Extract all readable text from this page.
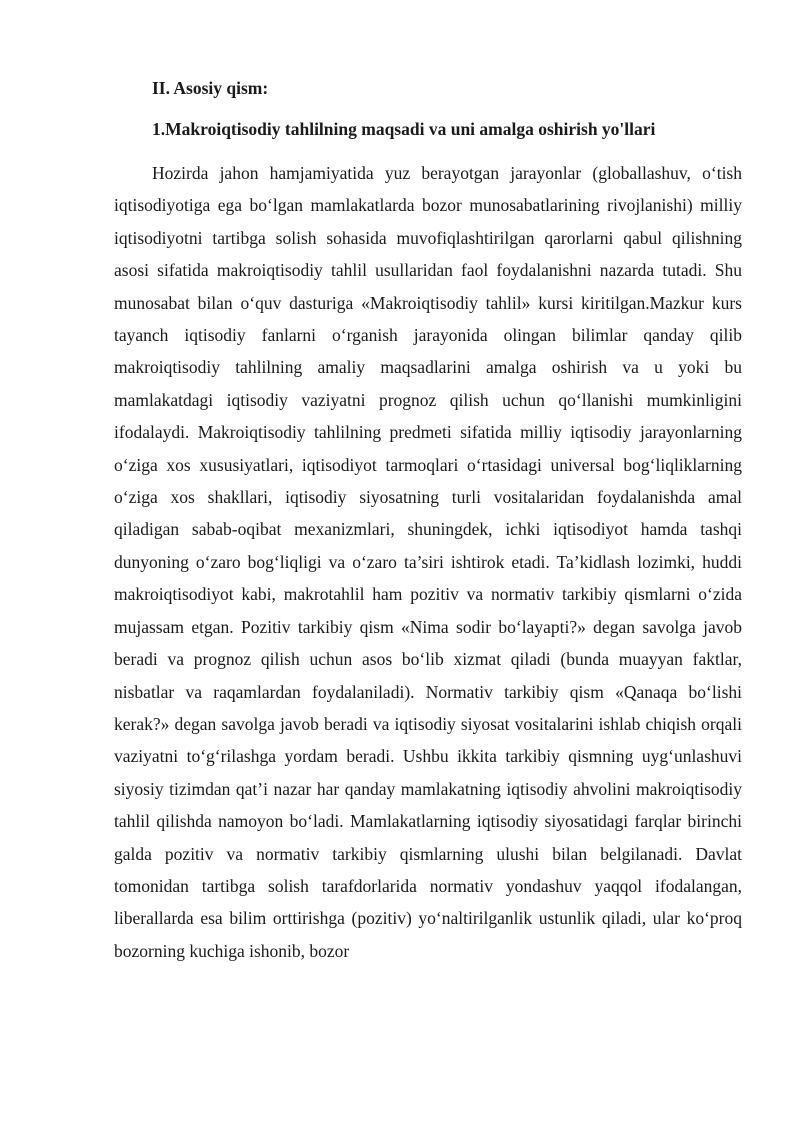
II. Asosiy qism:

1.Makroiqtisodiy tahlilning maqsadi va uni amalga oshirish yo'llari

Hozirda jahon hamjamiyatida yuz berayotgan jarayonlar (globallashuv, o‘tish iqtisodiyotiga ega bo‘lgan mamlakatlarda bozor munosabatlarining rivojlanishi) milliy iqtisodiyotni tartibga solish sohasida muvofiqlashtirilgan qarorlarni qabul qilishning asosi sifatida makroiqtisodiy tahlil usullaridan faol foydalanishni nazarda tutadi. Shu munosabat bilan o‘quv dasturiga «Makroiqtisodiy tahlil» kursi kiritilgan.Mazkur kurs tayanch iqtisodiy fanlarni o‘rganish jarayonida olingan bilimlar qanday qilib makroiqtisodiy tahlilning amaliy maqsadlarini amalga oshirish va u yoki bu mamlakatdagi iqtisodiy vaziyatni prognoz qilish uchun qo‘llanishi mumkinligini ifodalaydi. Makroiqtisodiy tahlilning predmeti sifatida milliy iqtisodiy jarayonlarning o‘ziga xos xususiyatlari, iqtisodiyot tarmoqlari o‘rtasidagi universal bog‘liqliklarning o‘ziga xos shakllari, iqtisodiy siyosatning turli vositalaridan foydalanishda amal qiladigan sabab-oqibat mexanizmlari, shuningdek, ichki iqtisodiyot hamda tashqi dunyoning o‘zaro bog‘liqligi va o‘zaro ta’siri ishtirok etadi. Ta’kidlash lozimki, huddi makroiqtisodiyot kabi, makrotahlil ham pozitiv va normativ tarkibiy qismlarni o‘zida mujassam etgan. Pozitiv tarkibiy qism «Nima sodir bo‘layapti?» degan savolga javob beradi va prognoz qilish uchun asos bo‘lib xizmat qiladi (bunda muayyan faktlar, nisbatlar va raqamlardan foydalaniladi). Normativ tarkibiy qism «Qanaqa bo‘lishi kerak?» degan savolga javob beradi va iqtisodiy siyosat vositalarini ishlab chiqish orqali vaziyatni to‘g‘rilashga yordam beradi. Ushbu ikkita tarkibiy qismning uyg‘unlashuvi siyosiy tizimdan qat’i nazar har qanday mamlakatning iqtisodiy ahvolini makroiqtisodiy tahlil qilishda namoyon bo‘ladi. Mamlakatlarning iqtisodiy siyosatidagi farqlar birinchi galda pozitiv va normativ tarkibiy qismlarning ulushi bilan belgilanadi. Davlat tomonidan tartibga solish tarafdorlarida normativ yondashuv yaqqol ifodalangan, liberallarda esa bilim orttirishga (pozitiv) yo‘naltirilganlik ustunlik qiladi, ular ko‘proq bozorning kuchiga ishonib, bozor
